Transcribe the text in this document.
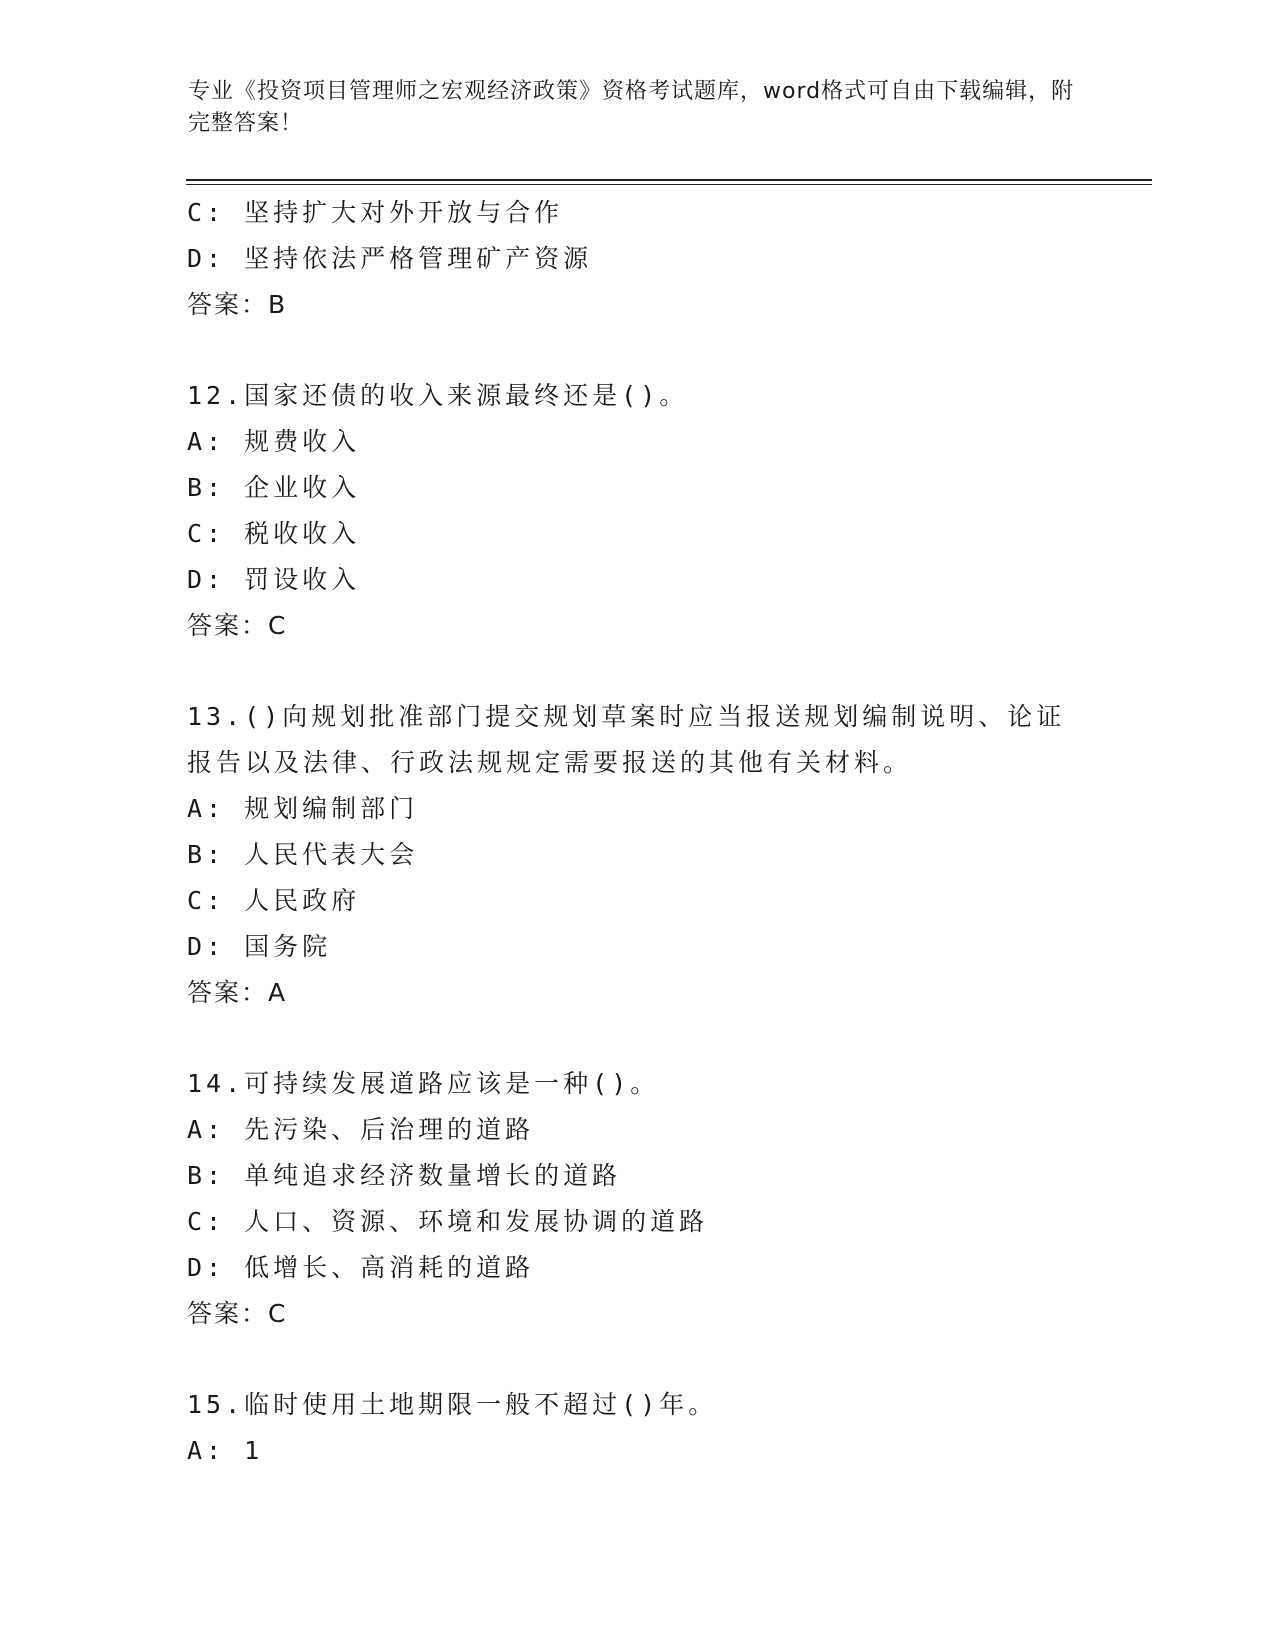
专业《投资项目管理师之宏观经济政策》资格考试题库，word格式可自由下载编辑，附完整答案！
C: 坚持扩大对外开放与合作
D: 坚持依法严格管理矿产资源
答案：B
12.国家还债的收入来源最终还是()。
A: 规费收入
B: 企业收入
C: 税收收入
D: 罚设收入
答案：C
13.()向规划批准部门提交规划草案时应当报送规划编制说明、论证报告以及法律、行政法规规定需要报送的其他有关材料。
A: 规划编制部门
B: 人民代表大会
C: 人民政府
D: 国务院
答案：A
14.可持续发展道路应该是一种()。
A: 先污染、后治理的道路
B: 单纯追求经济数量增长的道路
C: 人口、资源、环境和发展协调的道路
D: 低增长、高消耗的道路
答案：C
15.临时使用土地期限一般不超过()年。
A: 1
